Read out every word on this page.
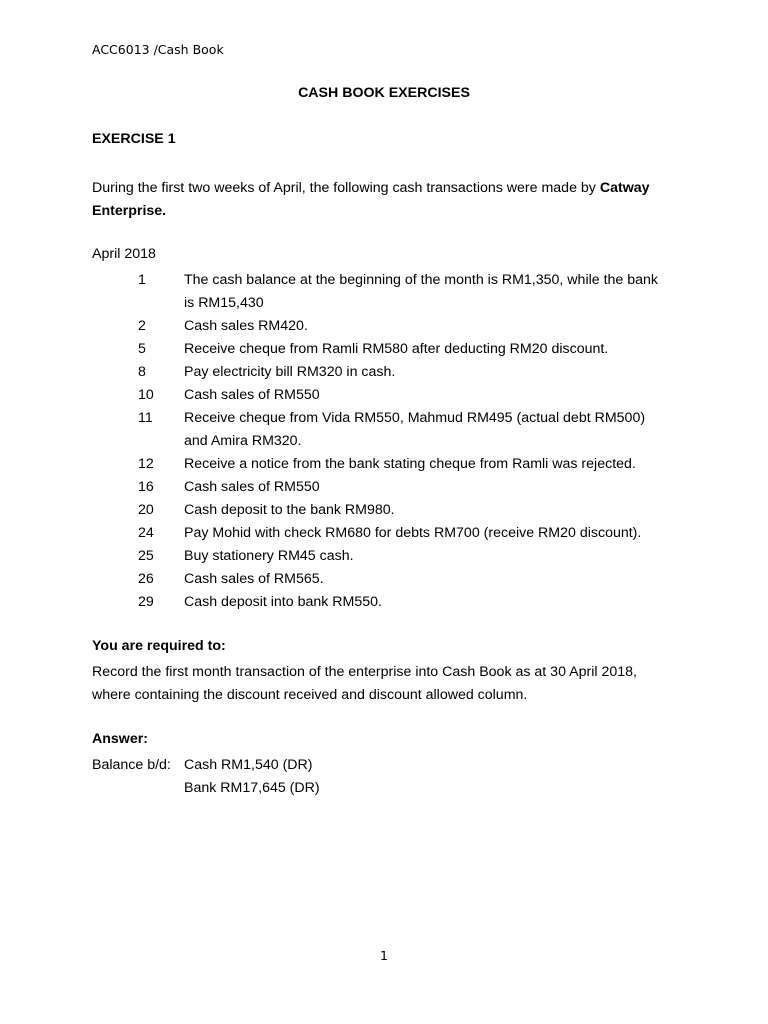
ACC6013 /Cash Book
CASH BOOK EXERCISES
EXERCISE 1
During the first two weeks of April, the following cash transactions were made by Catway Enterprise.
April 2018
1	The cash balance at the beginning of the month is RM1,350, while the bank is RM15,430
2	Cash sales RM420.
5	Receive cheque from Ramli RM580 after deducting RM20 discount.
8	Pay electricity bill RM320 in cash.
10	Cash sales of RM550
11	Receive cheque from Vida RM550, Mahmud RM495 (actual debt RM500) and Amira RM320.
12	Receive a notice from the bank stating cheque from Ramli was rejected.
16	Cash sales of RM550
20	Cash deposit to the bank RM980.
24	Pay Mohid with check RM680 for debts RM700 (receive RM20 discount).
25	Buy stationery RM45 cash.
26	Cash sales of RM565.
29	Cash deposit into bank RM550.
You are required to:
Record the first month transaction of the enterprise into Cash Book as at 30 April 2018, where containing the discount received and discount allowed column.
Answer:
Balance b/d: Cash RM1,540 (DR)
Bank RM17,645 (DR)
1
